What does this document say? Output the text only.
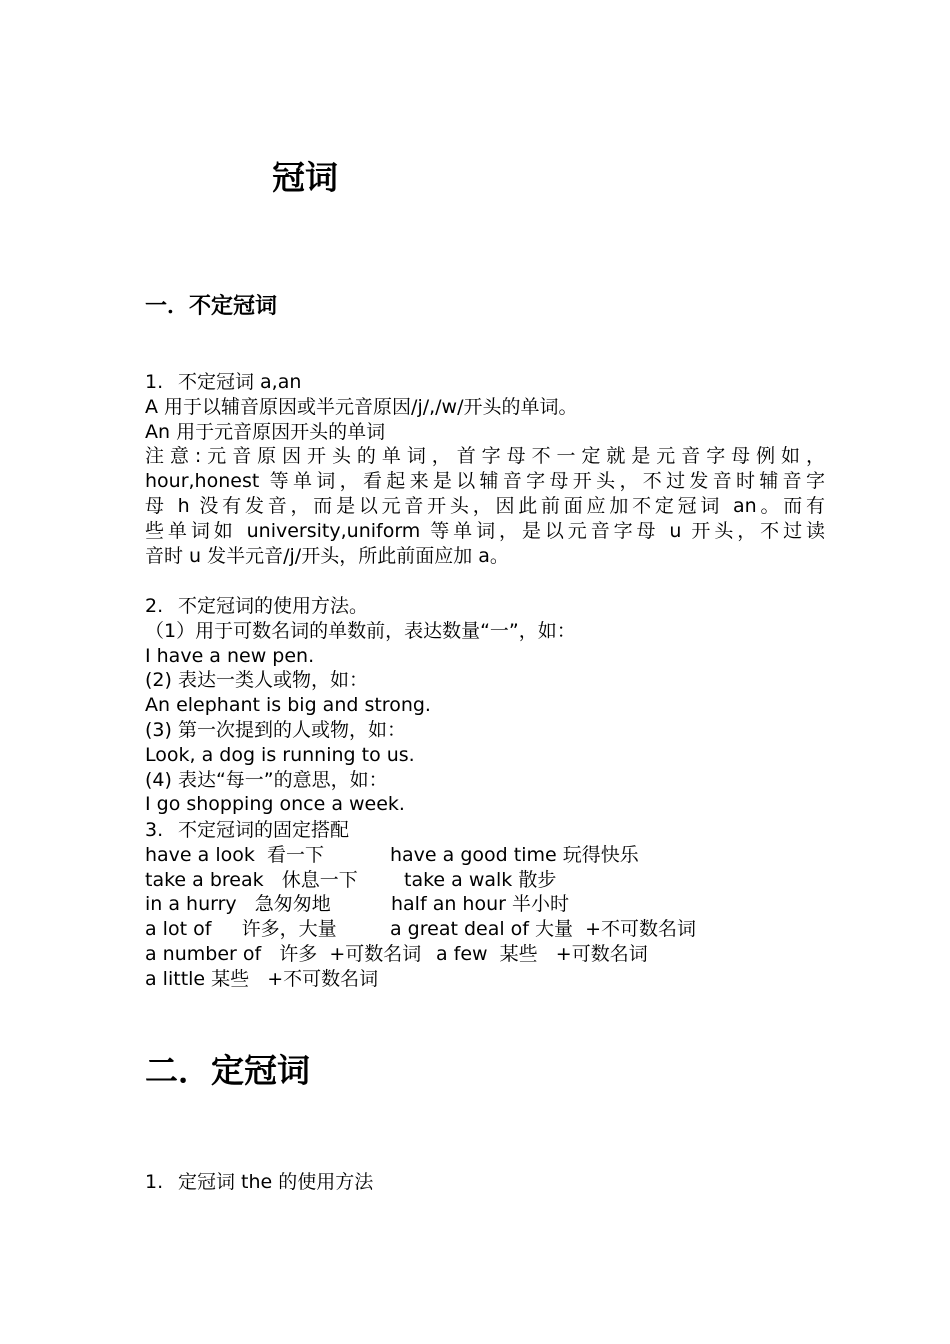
冠词
一．不定冠词
1. 不定冠词 a,an
A 用于以辅音原因或半元音原因/j/,/w/开头的单词。
An 用于元音原因开头的单词
注意:元音原因开头的单词，首字母不一定就是元音字母例如，
hour,honest 等单词，看起来是以辅音字母开头，不过发音时辅音字
母 h 没有发音，而是以元音开头，因此前面应加不定冠词 an。而有
些单词如 university,uniform 等单词，是以元音字母 u 开头，不过读
音时 u 发半元音/j/开头，所此前面应加 a。
2. 不定冠词的使用方法。
（1）用于可数名词的单数前，表达数量“一”，如：
I have a new pen.
(2) 表达一类人或物，如：
An elephant is big and strong.
(3) 第一次提到的人或物，如：
Look, a dog is running to us.
(4) 表达“每一”的意思，如：
I go shopping once a week.
3. 不定冠词的固定搭配
have a look  看一下	have a good time 玩得快乐
take a break   休息一下 take a walk 散步
in a hurry   急匆匆地	half an hour 半小时
a lot of     许多，大量	a great deal of 大量  +不可数名词
a number of   许多  +可数名词 a few  某些   +可数名词
a little 某些   +不可数名词
二．定冠词
1. 定冠词 the 的使用方法
